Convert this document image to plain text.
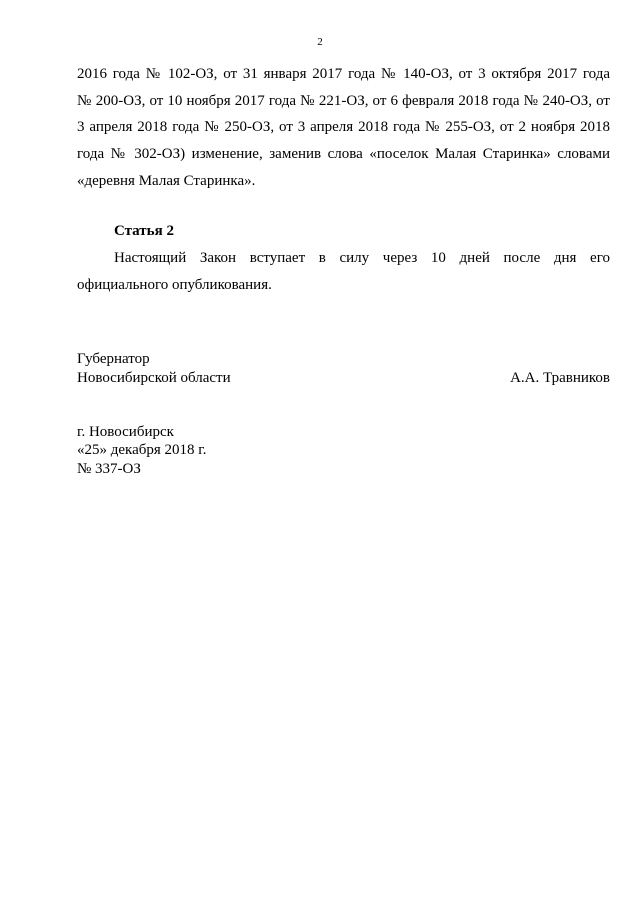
2
2016 года № 102-ОЗ, от 31 января 2017 года № 140-ОЗ, от 3 октября 2017 года
№ 200-ОЗ, от 10 ноября 2017 года № 221-ОЗ, от 6 февраля 2018 года № 240-ОЗ, от
3 апреля 2018 года № 250-ОЗ, от 3 апреля 2018 года № 255-ОЗ, от 2 ноября 2018
года № 302-ОЗ) изменение, заменив слова «поселок Малая Старинка» словами
«деревня Малая Старинка».
Статья 2
Настоящий Закон вступает в силу через 10 дней после дня его
официального опубликования.
Губернатор
Новосибирской области	А.А. Травников
г. Новосибирск
«25» декабря 2018 г.
№ 337-ОЗ
